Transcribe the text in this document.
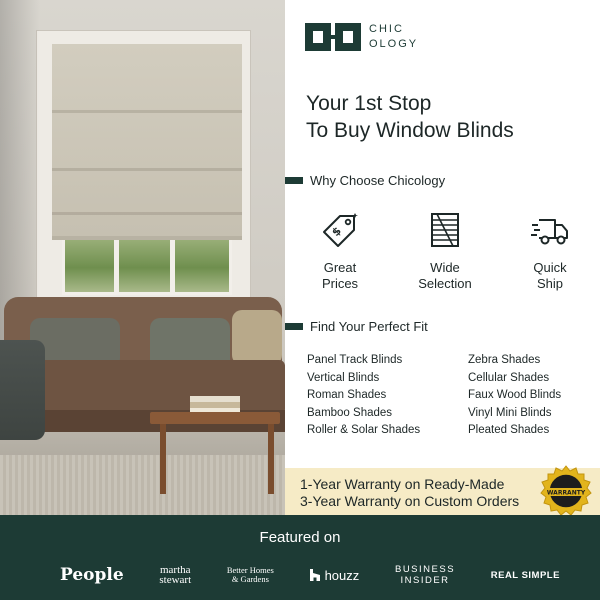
CHIC
OLOGY
Your 1st Stop
To Buy Window Blinds
Why Choose Chicology
$
Great
Prices
Wide
Selection
Quick
Ship
Find Your Perfect Fit
Panel Track Blinds	Zebra Shades
Vertical Blinds	Cellular Shades
Roman Shades	Faux Wood Blinds
Bamboo Shades	Vinyl Mini Blinds
Roller & Solar Shades	Pleated Shades
1-Year Warranty on Ready-Made
3-Year Warranty on Custom Orders	WARRANTY
Featured on
People	martha
stewart
Better Homes
& Gardens	houzz	BUSINESS
INSIDER	REAL SIMPLE
